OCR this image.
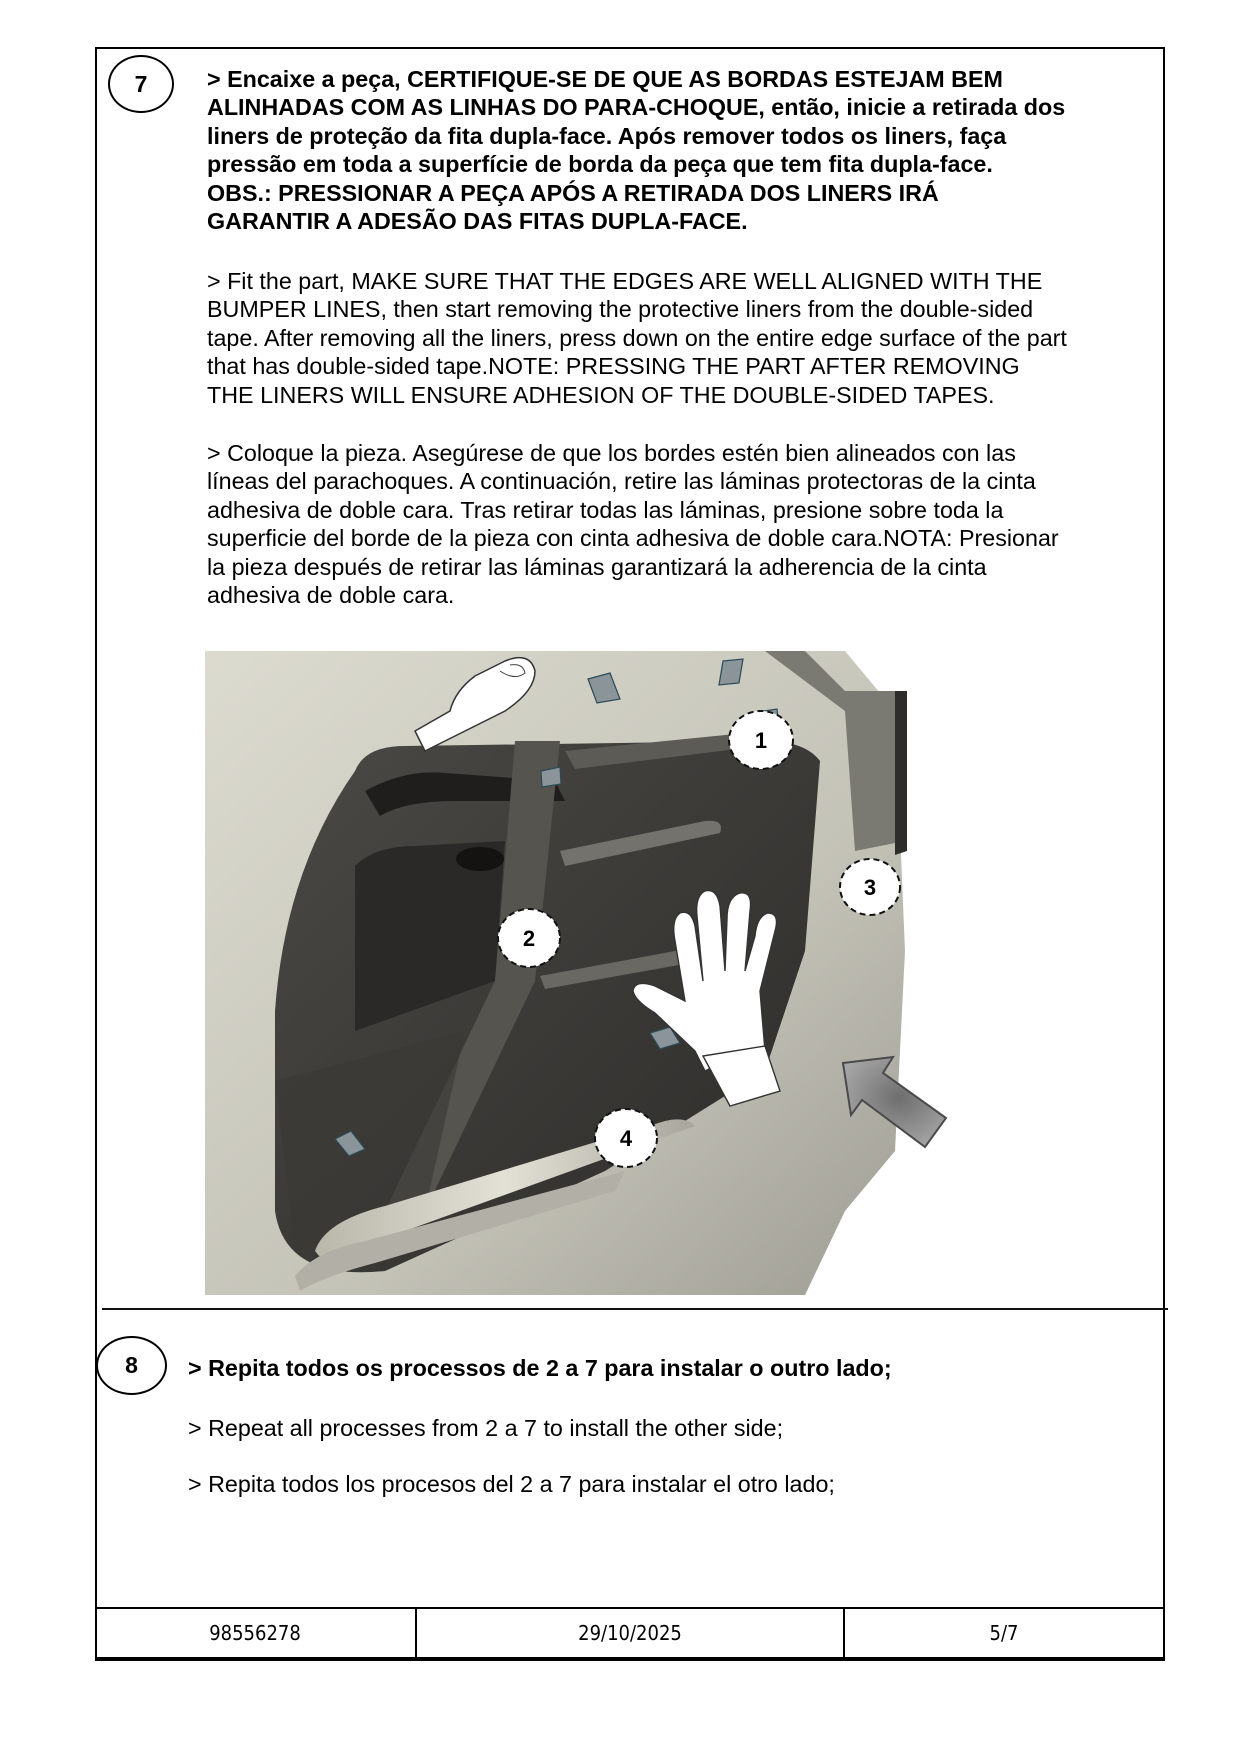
7	> Encaixe a peça, CERTIFIQUE-SE DE QUE AS BORDAS ESTEJAM BEM
ALINHADAS COM AS LINHAS DO PARA-CHOQUE, então, inicie a retirada dos
liners de proteção da fita dupla-face. Após remover todos os liners, faça
pressão em toda a superfície de borda da peça que tem fita dupla-face.
OBS.: PRESSIONAR A PEÇA APÓS A RETIRADA DOS LINERS IRÁ
GARANTIR A ADESÃO DAS FITAS DUPLA-FACE.
> Fit the part, MAKE SURE THAT THE EDGES ARE WELL ALIGNED WITH THE
BUMPER LINES, then start removing the protective liners from the double-sided
tape. After removing all the liners, press down on the entire edge surface of the part
that has double-sided tape.NOTE: PRESSING THE PART AFTER REMOVING
THE LINERS WILL ENSURE ADHESION OF THE DOUBLE-SIDED TAPES.
> Coloque la pieza. Asegúrese de que los bordes estén bien alineados con las
líneas del parachoques. A continuación, retire las láminas protectoras de la cinta
adhesiva de doble cara. Tras retirar todas las láminas, presione sobre toda la
superficie del borde de la pieza con cinta adhesiva de doble cara.NOTA: Presionar
la pieza después de retirar las láminas garantizará la adherencia de la cinta
adhesiva de doble cara.
1
2
3
4
8 > Repita todos os processos de 2 a 7 para instalar o outro lado;
> Repeat all processes from 2 a 7 to install the other side;
> Repita todos los procesos del 2 a 7 para instalar el otro lado;
98556278	29/10/2025	5/7
